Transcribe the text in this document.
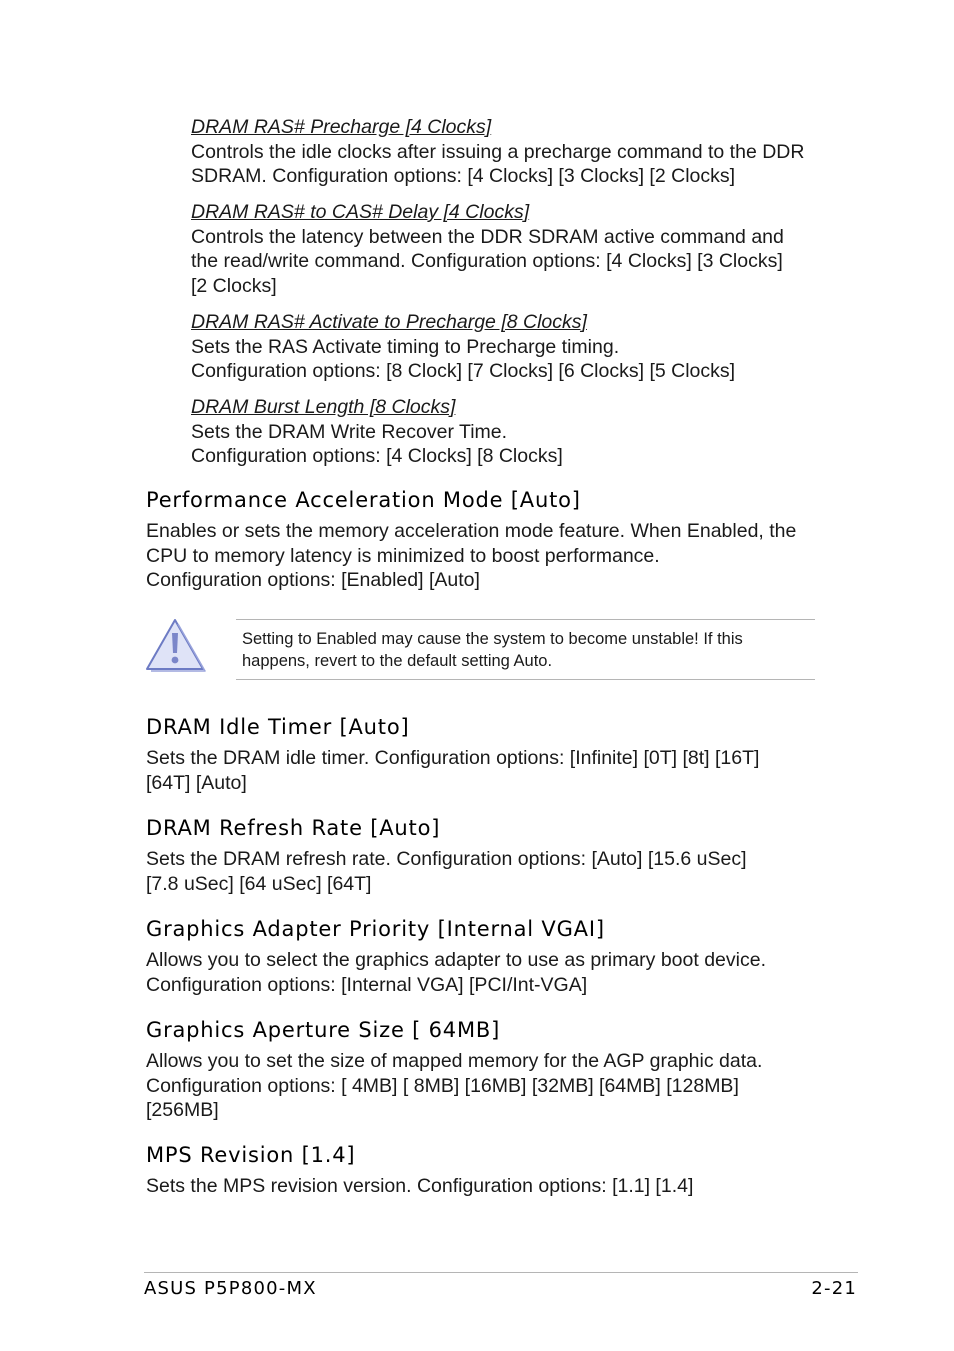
DRAM RAS# Precharge [4 Clocks]
Controls the idle clocks after issuing a precharge command to the DDR
SDRAM. Configuration options: [4 Clocks] [3 Clocks] [2 Clocks]
DRAM RAS# to CAS# Delay [4 Clocks]
Controls the latency between the DDR SDRAM active command and
the read/write command. Configuration options: [4 Clocks] [3 Clocks]
[2 Clocks]
DRAM RAS# Activate to Precharge [8 Clocks]
Sets the RAS Activate timing to Precharge timing.
Configuration options: [8 Clock] [7 Clocks] [6 Clocks] [5 Clocks]
DRAM Burst Length [8 Clocks]
Sets the DRAM Write Recover Time.
Configuration options: [4 Clocks] [8 Clocks]
Performance Acceleration Mode [Auto]
Enables or sets the memory acceleration mode feature. When Enabled, the
CPU to memory latency is minimized to boost performance.
Configuration options: [Enabled] [Auto]
Setting to Enabled may cause the system to become unstable! If this
happens, revert to the default setting Auto.
DRAM Idle Timer [Auto]
Sets the DRAM idle timer. Configuration options: [Infinite] [0T] [8t] [16T]
[64T] [Auto]
DRAM Refresh Rate [Auto]
Sets the DRAM refresh rate. Configuration options: [Auto] [15.6 uSec]
[7.8 uSec] [64 uSec] [64T]
Graphics Adapter Priority [Internal VGAI]
Allows you to select the graphics adapter to use as primary boot device.
Configuration options: [Internal VGA] [PCI/Int-VGA]
Graphics Aperture Size [ 64MB]
Allows you to set the size of mapped memory for the AGP graphic data.
Configuration options: [ 4MB] [ 8MB] [16MB] [32MB] [64MB] [128MB]
[256MB]
MPS Revision [1.4]
Sets the MPS revision version. Configuration options: [1.1] [1.4]
ASUS P5P800-MX	2-21
